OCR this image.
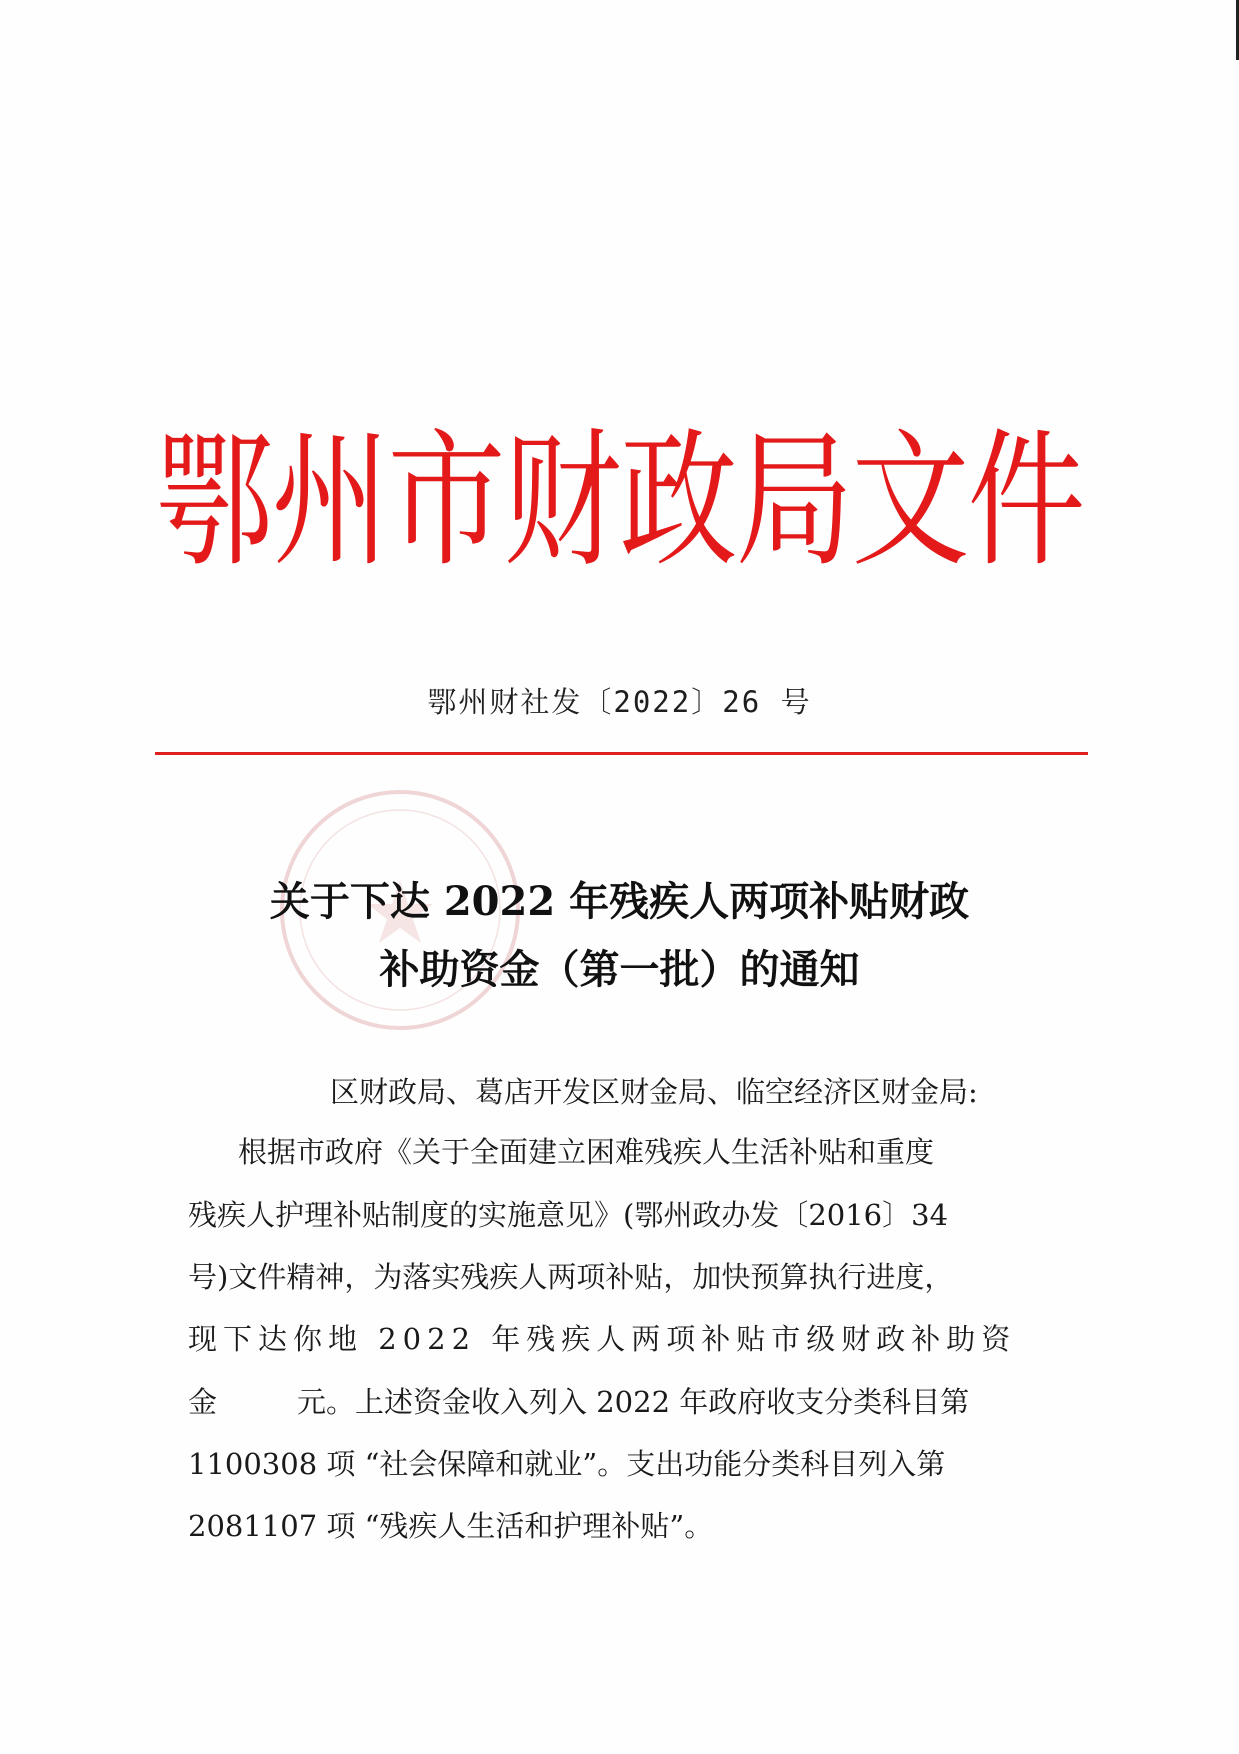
鄂州市财政局文件
鄂州财社发〔2022〕26 号
关于下达 2022 年残疾人两项补贴财政
补助资金（第一批）的通知
区财政局、葛店开发区财金局、临空经济区财金局:
根据市政府《关于全面建立困难残疾人生活补贴和重度
残疾人护理补贴制度的实施意见》(鄂州政办发〔2016〕34
号)文件精神，为落实残疾人两项补贴，加快预算执行进度，
现下达你地 2022 年残疾人两项补贴市级财政补助资
金	元。上述资金收入列入 2022 年政府收支分类科目第
1100308 项 “社会保障和就业”。支出功能分类科目列入第
2081107 项 “残疾人生活和护理补贴”。
